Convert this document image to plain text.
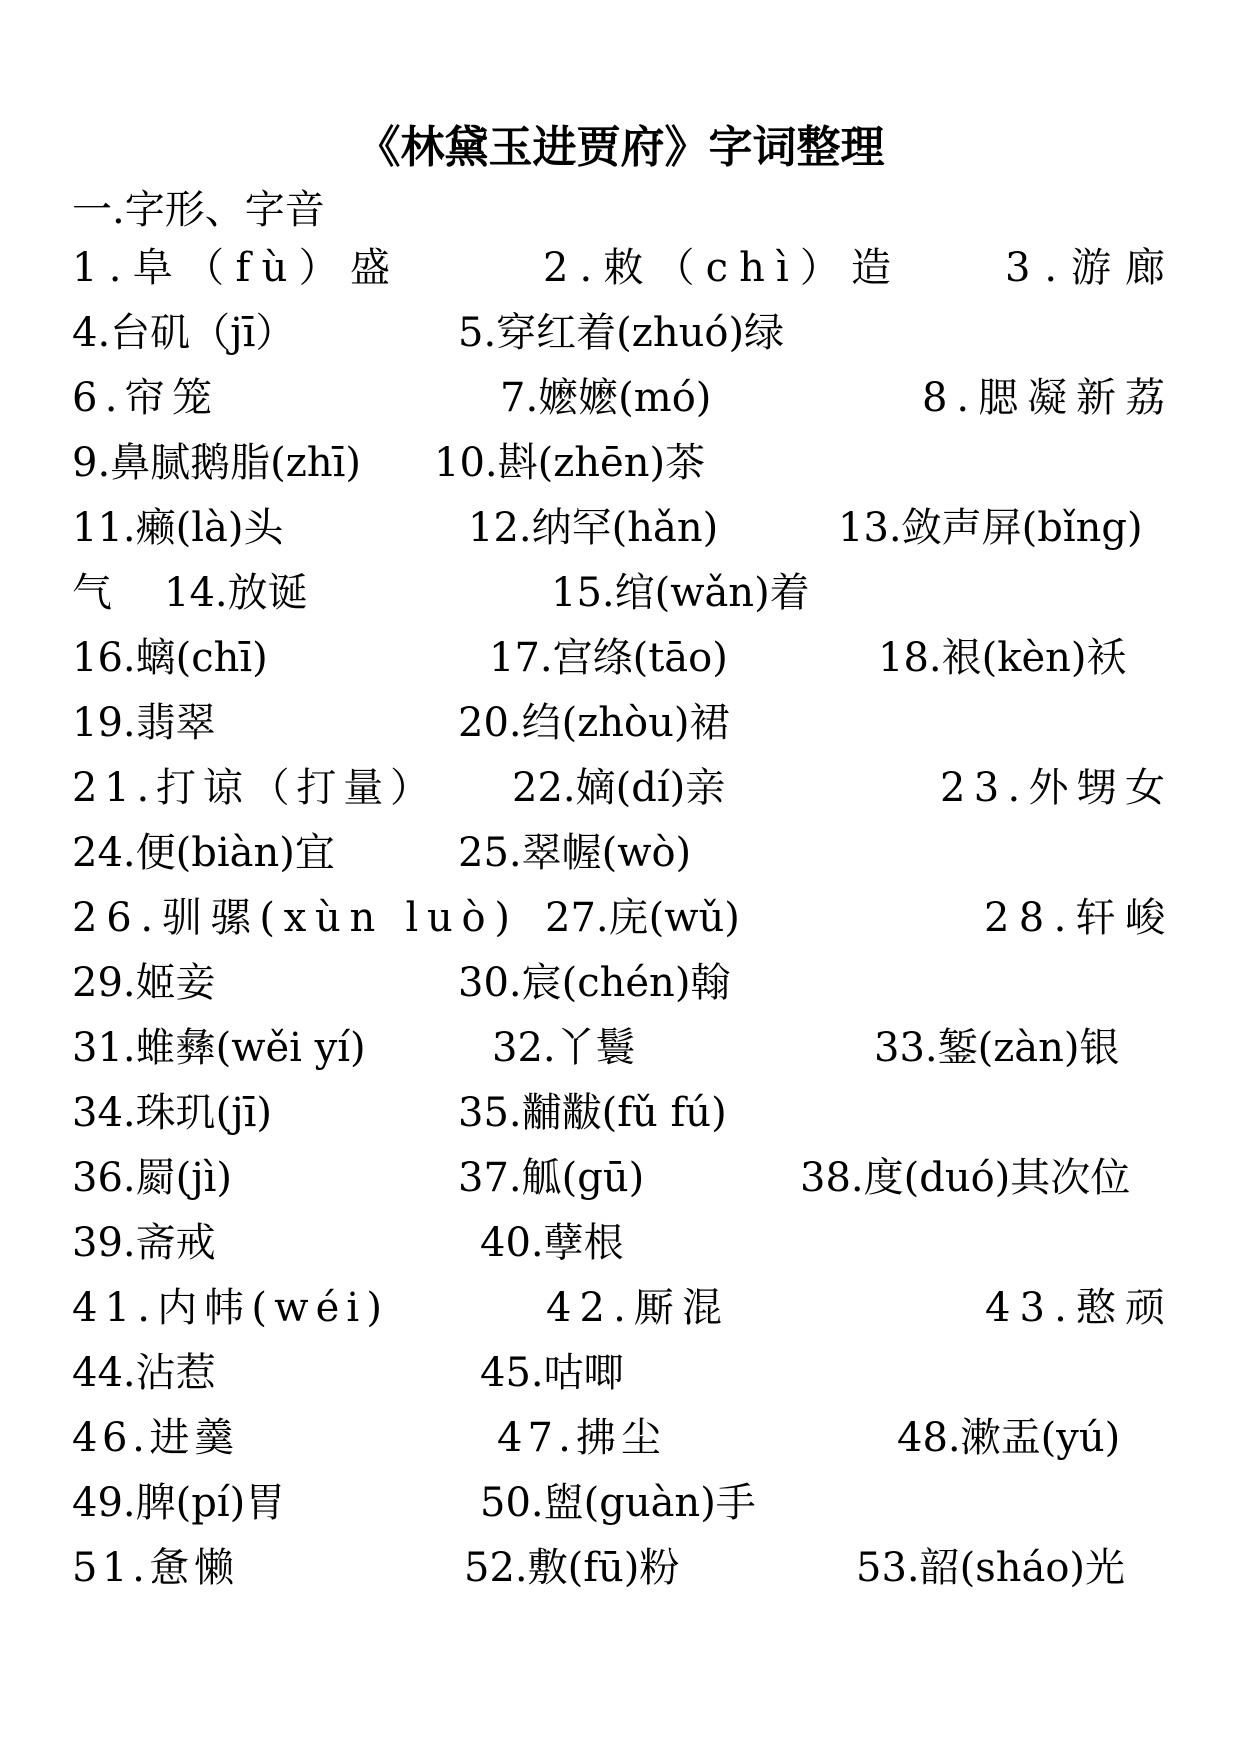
《林黛玉进贾府》字词整理
一.字形、字音
1.阜（fù）盛	2.敕（chì）造	3.游廊
4.台矶（jī）	5.穿红着(zhuó)绿
6.帘笼	7.嬷嬷(mó)	8.腮凝新荔
9.鼻腻鹅脂(zhī) 10.斟(zhēn)茶
11.癞(là)头	12.纳罕(hǎn)	13.敛声屏(bǐng)
气 14.放诞	15.绾(wǎn)着
16.螭(chī)	17.宫绦(tāo)	18.裉(kèn)袄
19.翡翠	20.绉(zhòu)裙
21.打谅（打量） 22.嫡(dí)亲	23.外甥女
24.便(biàn)宜	25.翠幄(wò)
26.驯骡(xùn luò) 27.庑(wǔ)	28.轩峻
29.姬妾	30.宸(chén)翰
31.蜼彝(wěi yí)	32.丫鬟	33.錾(zàn)银
34.珠玑(jī)	35.黼黻(fǔ fú)
36.罽(jì)	37.觚(gū)	38.度(duó)其次位
39.斋戒	40.孽根
41.内帏(wéi)	42.厮混	43.憨顽
44.沾惹	45.咕唧
46.进羹	47.拂尘	48.漱盂(yú)
49.脾(pí)胃	50.盥(guàn)手
51.惫懒	52.敷(fū)粉	53.韶(sháo)光
